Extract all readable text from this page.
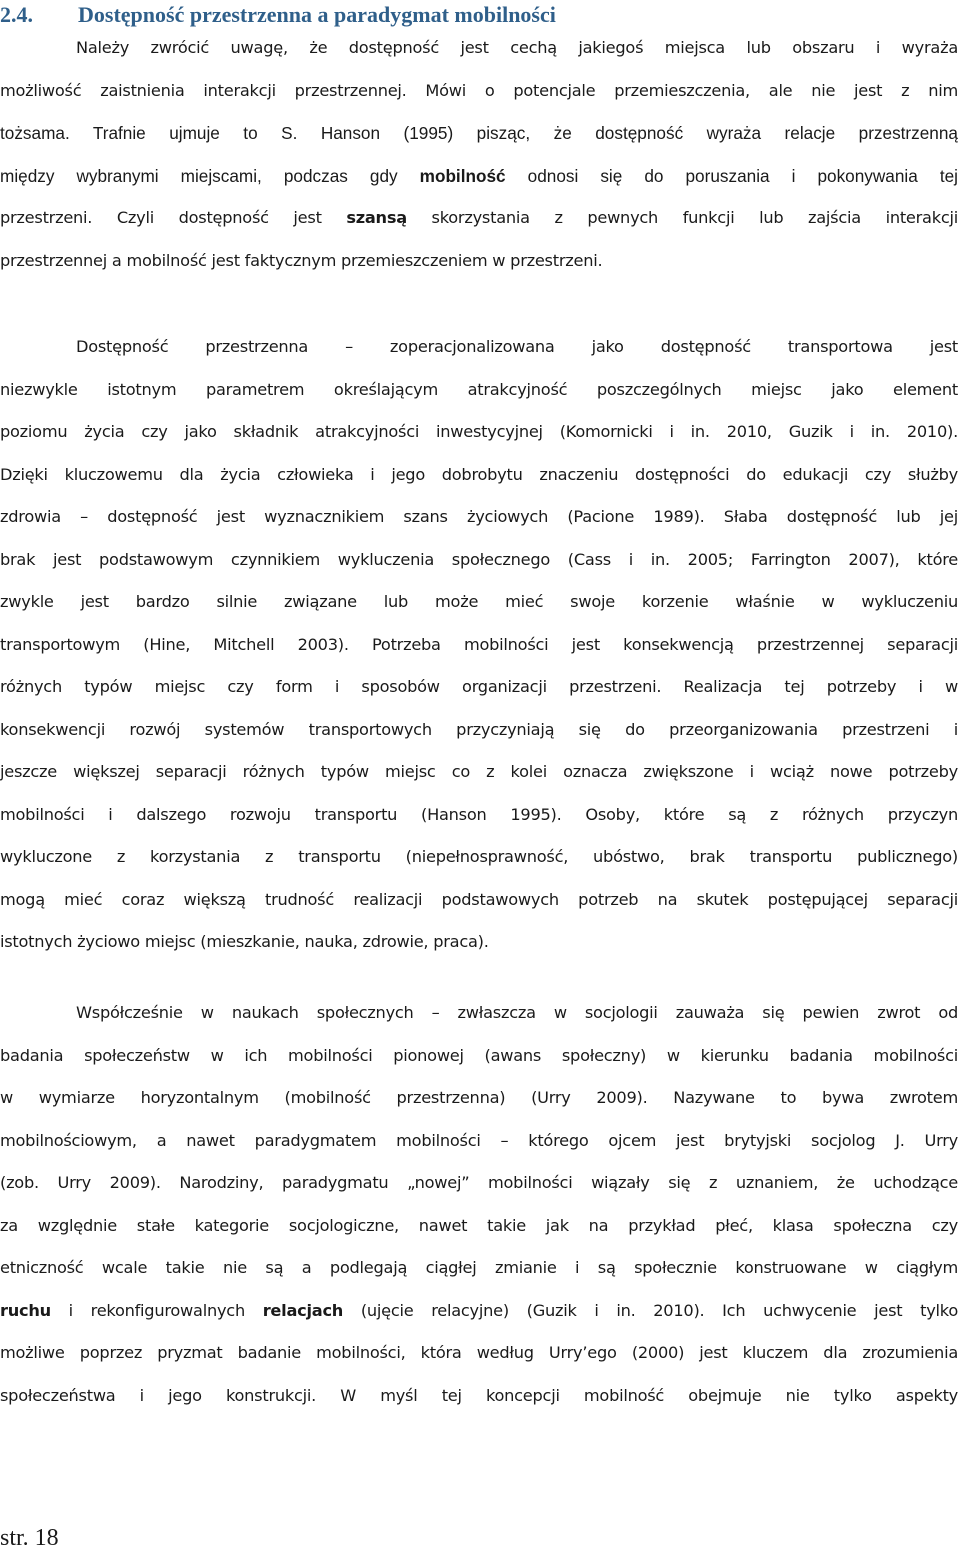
2.4. Dostępność przestrzenna a paradygmat mobilności
Należy zwrócić uwagę, że dostępność jest cechą jakiegoś miejsca lub obszaru i wyraża
możliwość zaistnienia interakcji przestrzennej. Mówi o potencjale przemieszczenia, ale nie jest z nim
tożsama. Trafnie ujmuje to S. Hanson (1995) pisząc, że dostępność wyraża relacje przestrzenną
między wybranymi miejscami, podczas gdy mobilność odnosi się do poruszania i pokonywania tej
przestrzeni. Czyli dostępność jest szansą skorzystania z pewnych funkcji lub zajścia interakcji
przestrzennej a mobilność jest faktycznym przemieszczeniem w przestrzeni.
Dostępność przestrzenna – zoperacjonalizowana jako dostępność transportowa jest
niezwykle istotnym parametrem określającym atrakcyjność poszczególnych miejsc jako element
poziomu życia czy jako składnik atrakcyjności inwestycyjnej (Komornicki i in. 2010, Guzik i in. 2010).
Dzięki kluczowemu dla życia człowieka i jego dobrobytu znaczeniu dostępności do edukacji czy służby
zdrowia – dostępność jest wyznacznikiem szans życiowych (Pacione 1989). Słaba dostępność lub jej
brak jest podstawowym czynnikiem wykluczenia społecznego (Cass i in. 2005; Farrington 2007), które
zwykle jest bardzo silnie związane lub może mieć swoje korzenie właśnie w wykluczeniu
transportowym (Hine, Mitchell 2003). Potrzeba mobilności jest konsekwencją przestrzennej separacji
różnych typów miejsc czy form i sposobów organizacji przestrzeni. Realizacja tej potrzeby i w
konsekwencji rozwój systemów transportowych przyczyniają się do przeorganizowania przestrzeni i
jeszcze większej separacji różnych typów miejsc co z kolei oznacza zwiększone i wciąż nowe potrzeby
mobilności i dalszego rozwoju transportu (Hanson 1995). Osoby, które są z różnych przyczyn
wykluczone z korzystania z transportu (niepełnosprawność, ubóstwo, brak transportu publicznego)
mogą mieć coraz większą trudność realizacji podstawowych potrzeb na skutek postępującej separacji
istotnych życiowo miejsc (mieszkanie, nauka, zdrowie, praca).
Współcześnie w naukach społecznych – zwłaszcza w socjologii zauważa się pewien zwrot od
badania społeczeństw w ich mobilności pionowej (awans społeczny) w kierunku badania mobilności
w wymiarze horyzontalnym (mobilność przestrzenna) (Urry 2009). Nazywane to bywa zwrotem
mobilnościowym, a nawet paradygmatem mobilności – którego ojcem jest brytyjski socjolog J. Urry
(zob. Urry 2009). Narodziny, paradygmatu „nowej” mobilności wiązały się z uznaniem, że uchodzące
za względnie stałe kategorie socjologiczne, nawet takie jak na przykład płeć, klasa społeczna czy
etniczność wcale takie nie są a podlegają ciągłej zmianie i są społecznie konstruowane w ciągłym
ruchu i rekonfigurowalnych relacjach (ujęcie relacyjne) (Guzik i in. 2010). Ich uchwycenie jest tylko
możliwe poprzez pryzmat badanie mobilności, która według Urry’ego (2000) jest kluczem dla zrozumienia
społeczeństwa i jego konstrukcji. W myśl tej koncepcji mobilność obejmuje nie tylko aspekty
str. 18
